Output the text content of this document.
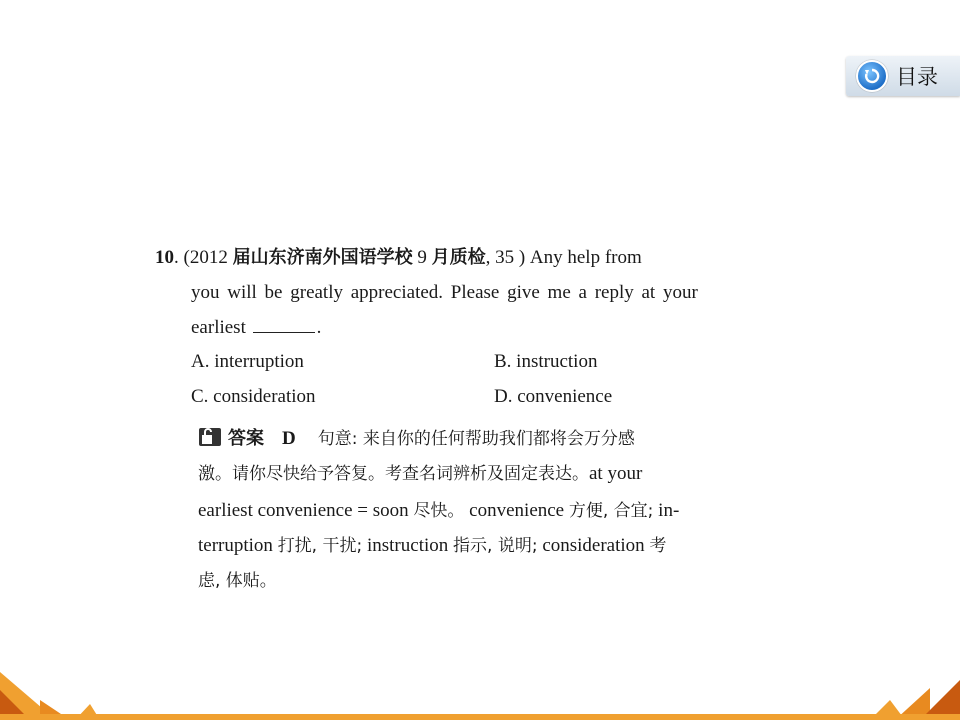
目录
10. (2012 届山东济南外国语学校 9 月质检, 35 ) Any help from
you will be greatly appreciated. Please give me a reply at your
earliest	.
A. interruption	B. instruction
C. consideration	D. convenience
答案 D 句意: 来自你的任何帮助我们都将会万分感
激。请你尽快给予答复。考查名词辨析及固定表达。at your
earliest convenience = soon 尽快。 convenience 方便, 合宜; in-
terruption 打扰, 干扰; instruction 指示, 说明; consideration 考
虑, 体贴。
